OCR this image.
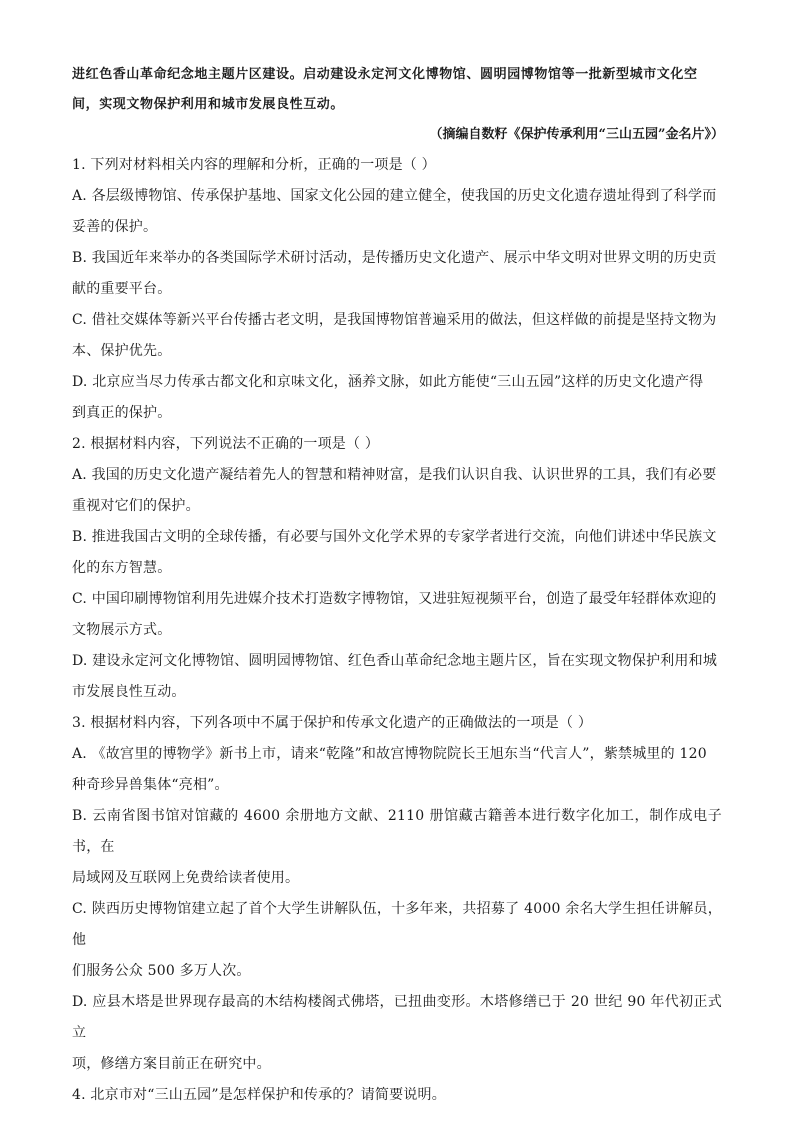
进红色香山革命纪念地主题片区建设。启动建设永定河文化博物馆、圆明园博物馆等一批新型城市文化空

间，实现文物保护利用和城市发展良性互动。

（摘编自数籽《保护传承利用“三山五园”金名片》）

1. 下列对材料相关内容的理解和分析，正确的一项是（ ）

A. 各层级博物馆、传承保护基地、国家文化公园的建立健全，使我国的历史文化遗存遗址得到了科学而

妥善的保护。

B. 我国近年来举办的各类国际学术研讨活动，是传播历史文化遗产、展示中华文明对世界文明的历史贡

献的重要平台。

C. 借社交媒体等新兴平台传播古老文明，是我国博物馆普遍采用的做法，但这样做的前提是坚持文物为

本、保护优先。

D. 北京应当尽力传承古都文化和京味文化，涵养文脉，如此方能使“三山五园”这样的历史文化遗产得

到真正的保护。

2. 根据材料内容，下列说法不正确的一项是（ ）

A. 我国的历史文化遗产凝结着先人的智慧和精神财富，是我们认识自我、认识世界的工具，我们有必要

重视对它们的保护。

B. 推进我国古文明的全球传播，有必要与国外文化学术界的专家学者进行交流，向他们讲述中华民族文

化的东方智慧。

C. 中国印刷博物馆利用先进媒介技术打造数字博物馆，又进驻短视频平台，创造了最受年轻群体欢迎的

文物展示方式。

D. 建设永定河文化博物馆、圆明园博物馆、红色香山革命纪念地主题片区，旨在实现文物保护利用和城

市发展良性互动。

3. 根据材料内容，下列各项中不属于保护和传承文化遗产的正确做法的一项是（ ）

A. 《故宫里的博物学》新书上市，请来“乾隆”和故宫博物院院长王旭东当“代言人”，紫禁城里的 120

种奇珍异兽集体“亮相”。

B. 云南省图书馆对馆藏的 4600 余册地方文献、2110 册馆藏古籍善本进行数字化加工，制作成电子书，在

局域网及互联网上免费给读者使用。

C. 陕西历史博物馆建立起了首个大学生讲解队伍，十多年来，共招募了 4000 余名大学生担任讲解员，他

们服务公众 500 多万人次。

D. 应县木塔是世界现存最高的木结构楼阁式佛塔，已扭曲变形。木塔修缮已于 20 世纪 90 年代初正式立

项，修缮方案目前正在研究中。

4. 北京市对“三山五园”是怎样保护和传承的？请简要说明。
